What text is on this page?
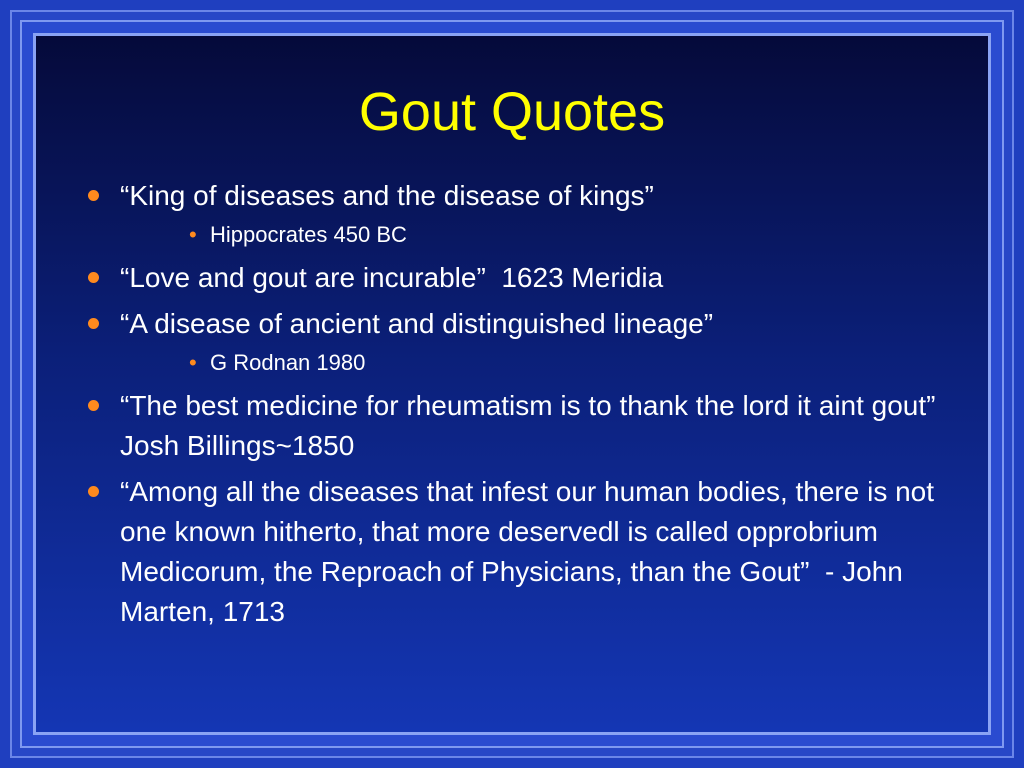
Gout Quotes
“King of diseases and the disease of kings”
• Hippocrates 450 BC
“Love and gout are incurable”  1623 Meridia
“A disease of ancient and distinguished lineage”
• G Rodnan 1980
“The best medicine for rheumatism is to thank the lord it aint gout”  Josh Billings~1850
“Among all the diseases that infest our human bodies, there is not one known hitherto, that more deservedl is called opprobrium Medicorum, the Reproach of Physicians, than the Gout”  - John Marten, 1713
